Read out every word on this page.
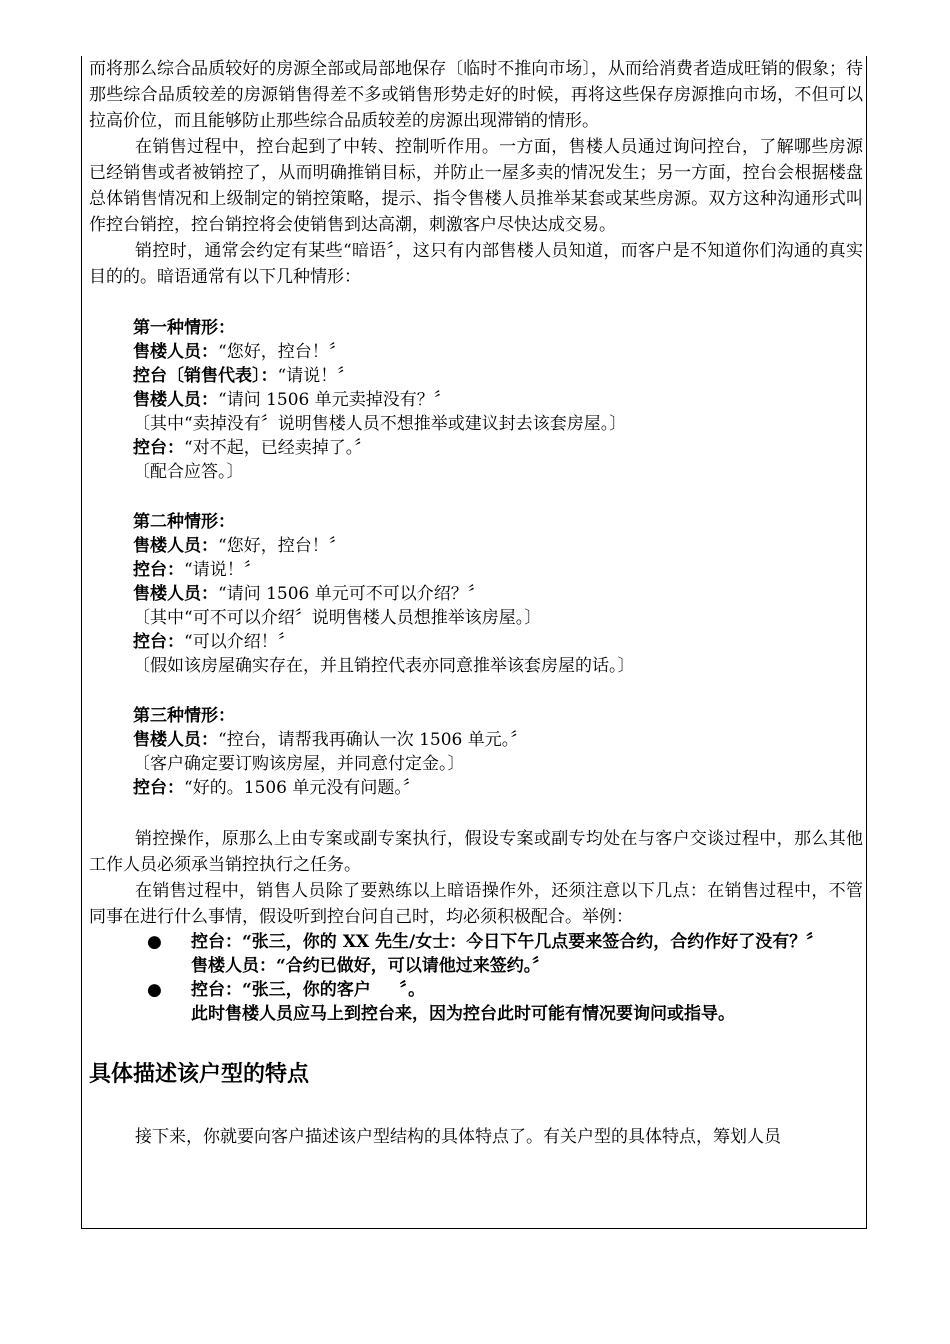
而将那么综合品质较好的房源全部或局部地保存〔临时不推向市场〕，从而给消费者造成旺销的假象；待那些综合品质较差的房源销售得差不多或销售形势走好的时候，再将这些保存房源推向市场，不但可以拉高价位，而且能够防止那些综合品质较差的房源出现滞销的情形。

在销售过程中，控台起到了中转、控制听作用。一方面，售楼人员通过询问控台，了解哪些房源已经销售或者被销控了，从而明确推销目标，并防止一屋多卖的情况发生；另一方面，控台会根据楼盘总体销售情况和上级制定的销控策略，提示、指令售楼人员推举某套或某些房源。双方这种沟通形式叫作控台销控，控台销控将会使销售到达高潮，刺激客户尽快达成交易。

销控时，通常会约定有某些“暗语〞，这只有内部售楼人员知道，而客户是不知道你们沟通的真实目的的。暗语通常有以下几种情形：

第一种情形：
售楼人员：“您好，控台！〞
控台〔销售代表〕：“请说！〞
售楼人员：“请问 1506 单元卖掉没有？〞
〔其中“卖掉没有〞说明售楼人员不想推举或建议封去该套房屋。〕
控台：“对不起，已经卖掉了。〞
〔配合应答。〕
第二种情形：
售楼人员：“您好，控台！〞
控台：“请说！〞
售楼人员：“请问 1506 单元可不可以介绍？〞
〔其中“可不可以介绍〞说明售楼人员想推举该房屋。〕
控台：“可以介绍！〞
〔假如该房屋确实存在，并且销控代表亦同意推举该套房屋的话。〕
第三种情形：
售楼人员：“控台，请帮我再确认一次 1506 单元。〞
〔客户确定要订购该房屋，并同意付定金。〕
控台：“好的。1506 单元没有问题。〞

销控操作，原那么上由专案或副专案执行，假设专案或副专均处在与客户交谈过程中，那么其他工作人员必须承当销控执行之任务。

在销售过程中，销售人员除了要熟练以上暗语操作外，还须注意以下几点：在销售过程中，不管同事在进行什么事情，假设听到控台问自己时，均必须积极配合。举例：

● 控台：“张三，你的 XX 先生/女士：今日下午几点要来签合约，合约作好了没有？〞
售楼人员：“合约已做好，可以请他过来签约。〞
● 控台：“张三，你的客户 　 〞。
此时售楼人员应马上到控台来，因为控台此时可能有情况要询问或指导。
具体描述该户型的特点

接下来，你就要向客户描述该户型结构的具体特点了。有关户型的具体特点，筹划人员
